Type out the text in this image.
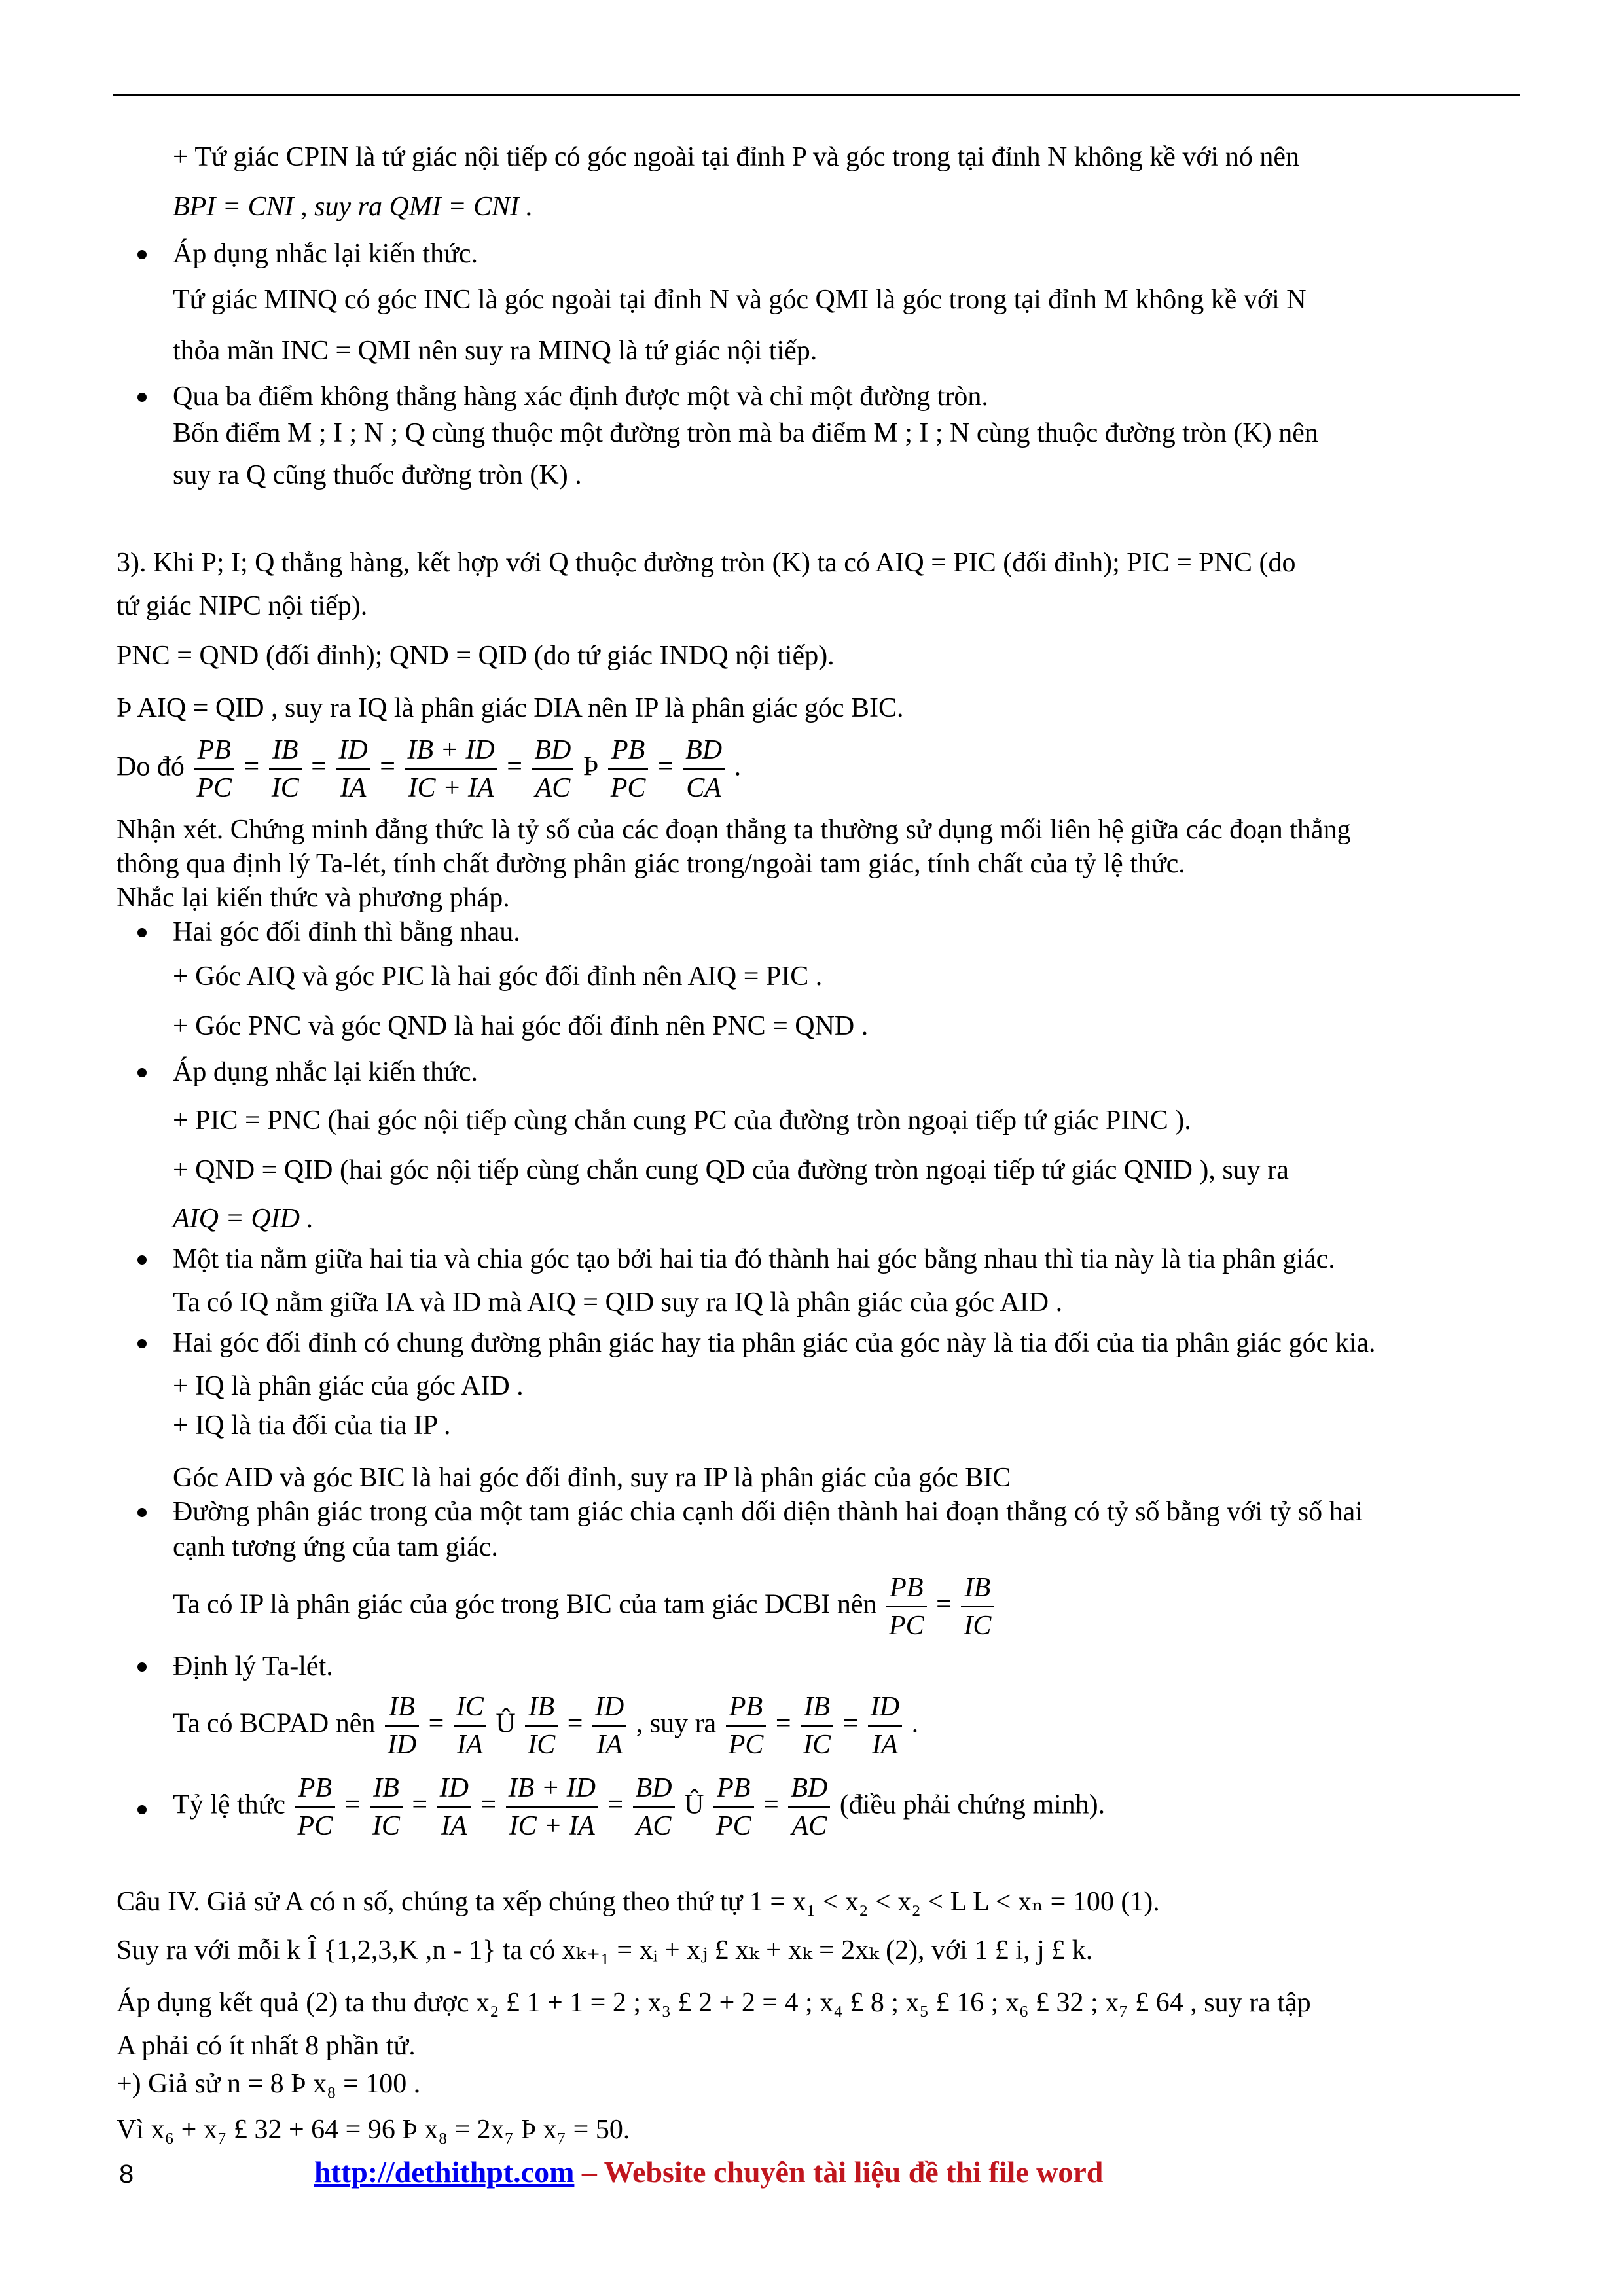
+ Tứ giác CPIN là tứ giác nội tiếp có góc ngoài tại đỉnh P và góc trong tại đỉnh N không kề với nó nên
BPI = CNI , suy ra QMI = CNI .
Áp dụng nhắc lại kiến thức.
Tứ giác MINQ có góc INC là góc ngoài tại đỉnh N và góc QMI là góc trong tại đỉnh M không kề với N
thỏa mãn INC = QMI nên suy ra MINQ là tứ giác nội tiếp.
Qua ba điểm không thẳng hàng xác định được một và chỉ một đường tròn.
Bốn điểm M ; I ; N ; Q cùng thuộc một đường tròn mà ba điểm M ; I ; N cùng thuộc đường tròn (K) nên
suy ra Q cũng thuốc đường tròn (K) .
3). Khi P; I; Q thẳng hàng, kết hợp với Q thuộc đường tròn (K) ta có AIQ = PIC (đối đỉnh); PIC = PNC (do
tứ giác NIPC nội tiếp).
PNC = QND (đối đỉnh); QND = QID (do tứ giác INDQ nội tiếp).
Þ AIQ = QID , suy ra IQ là phân giác DIA nên IP là phân giác góc BIC.
Do đó $\frac{PB}{PC} = \frac{IB}{IC} = \frac{ID}{IA} = \frac{IB + ID}{IC + IA} = \frac{BD}{AC}$ Þ $\frac{PB}{PC} = \frac{BD}{CA}$ .
Nhận xét. Chứng minh đẳng thức là tỷ số của các đoạn thẳng ta thường sử dụng mối liên hệ giữa các đoạn thẳng
thông qua định lý Ta-lét, tính chất đường phân giác trong/ngoài tam giác, tính chất của tỷ lệ thức.
Nhắc lại kiến thức và phương pháp.
Hai góc đối đỉnh thì bằng nhau.
+ Góc AIQ và góc PIC là hai góc đối đỉnh nên AIQ = PIC .
+ Góc PNC và góc QND là hai góc đối đỉnh nên PNC = QND .
Áp dụng nhắc lại kiến thức.
+ PIC = PNC (hai góc nội tiếp cùng chắn cung PC của đường tròn ngoại tiếp tứ giác PINC ).
+ QND = QID (hai góc nội tiếp cùng chắn cung QD của đường tròn ngoại tiếp tứ giác QNID ), suy ra
AIQ = QID .
Một tia nằm giữa hai tia và chia góc tạo bởi hai tia đó thành hai góc bằng nhau thì tia này là tia phân giác.
Ta có IQ nằm giữa IA và ID mà AIQ = QID suy ra IQ là phân giác của góc AID .
Hai góc đối đỉnh có chung đường phân giác hay tia phân giác của góc này là tia đối của tia phân giác góc kia.
+ IQ là phân giác của góc AID .
+ IQ là tia đối của tia IP .
Góc AID và góc BIC là hai góc đối đỉnh, suy ra IP là phân giác của góc BIC
Đường phân giác trong của một tam giác chia cạnh dối diện thành hai đoạn thẳng có tỷ số bằng với tỷ số hai
cạnh tương ứng của tam giác.
Ta có IP là phân giác của góc trong BIC của tam giác DCBI nên $\frac{PB}{PC} = \frac{IB}{IC}$
Định lý Ta-lét.
Ta có BCPAD nên $\frac{IB}{ID} = \frac{IC}{IA}$ Û $\frac{IB}{IC} = \frac{ID}{IA}$ , suy ra $\frac{PB}{PC} = \frac{IB}{IC} = \frac{ID}{IA}$ .
Tỷ lệ thức $\frac{PB}{PC} = \frac{IB}{IC} = \frac{ID}{IA} = \frac{IB + ID}{IC + IA} = \frac{BD}{AC}$ Û $\frac{PB}{PC} = \frac{BD}{AC}$ (điều phải chứng minh).
Câu IV. Giả sử A có n số, chúng ta xếp chúng theo thứ tự 1 = x₁ < x₂ < x₂ < L L < xₙ = 100 (1).
Suy ra với mỗi k Î {1,2,3,K ,n - 1} ta có xₖ₊₁ = xᵢ + xⱼ £ xₖ + xₖ = 2xₖ (2), với 1 £ i, j £ k.
Áp dụng kết quả (2) ta thu được x₂ £ 1 + 1 = 2 ; x₃ £ 2 + 2 = 4 ; x₄ £ 8 ; x₅ £ 16 ; x₆ £ 32 ; x₇ £ 64 , suy ra tập
A phải có ít nhất 8 phần tử.
+) Giả sử n = 8 Þ x₈ = 100 .
Vì x₆ + x₇ £ 32 + 64 = 96 Þ x₈ = 2x₇ Þ x₇ = 50.
8	http://dethithpt.com – Website chuyên tài liệu đề thi file word
